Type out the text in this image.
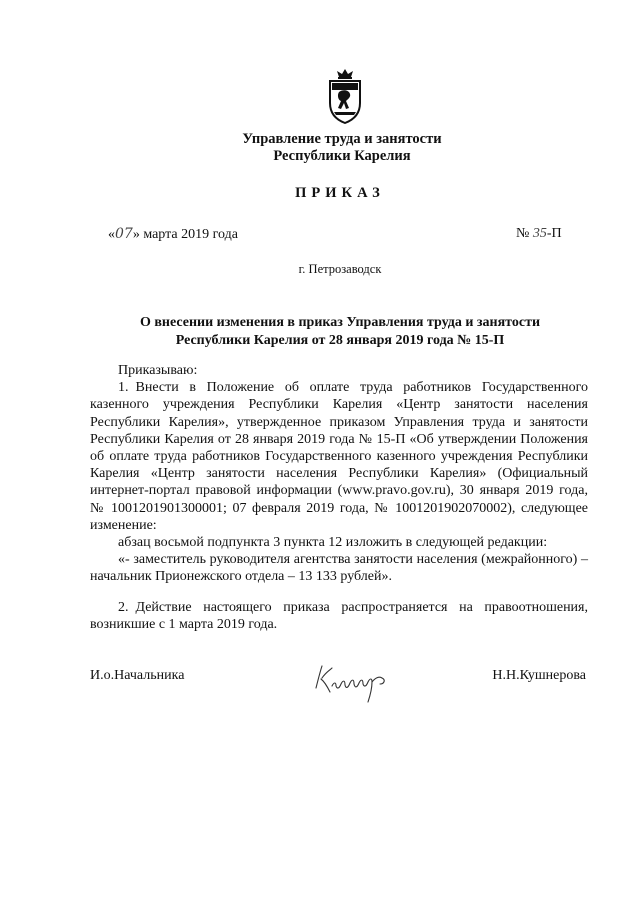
Управление труда и занятости
Республики Карелия
ПРИКАЗ
«07» марта 2019 года	№ 35-П
г. Петрозаводск
О внесении изменения в приказ Управления труда и занятости
Республики Карелия от 28 января 2019 года № 15-П

Приказываю:

1. Внести в Положение об оплате труда работников Государственного казенного учреждения Республики Карелия «Центр занятости населения Республики Карелия», утвержденное приказом Управления труда и занятости Республики Карелия от 28 января 2019 года № 15-П «Об утверждении Положения об оплате труда работников Государственного казенного учреждения Республики Карелия «Центр занятости населения Республики Карелия» (Официальный интернет-портал правовой информации (www.pravo.gov.ru), 30 января 2019 года, № 1001201901300001; 07 февраля 2019 года, № 1001201902070002), следующее изменение:

абзац восьмой подпункта 3 пункта 12 изложить в следующей редакции:

«- заместитель руководителя агентства занятости населения (межрайонного) – начальник Прионежского отдела – 13 133 рублей».

2. Действие настоящего приказа распространяется на правоотношения, возникшие с 1 марта 2019 года.

И.о.Начальника	Н.Н.Кушнерова
